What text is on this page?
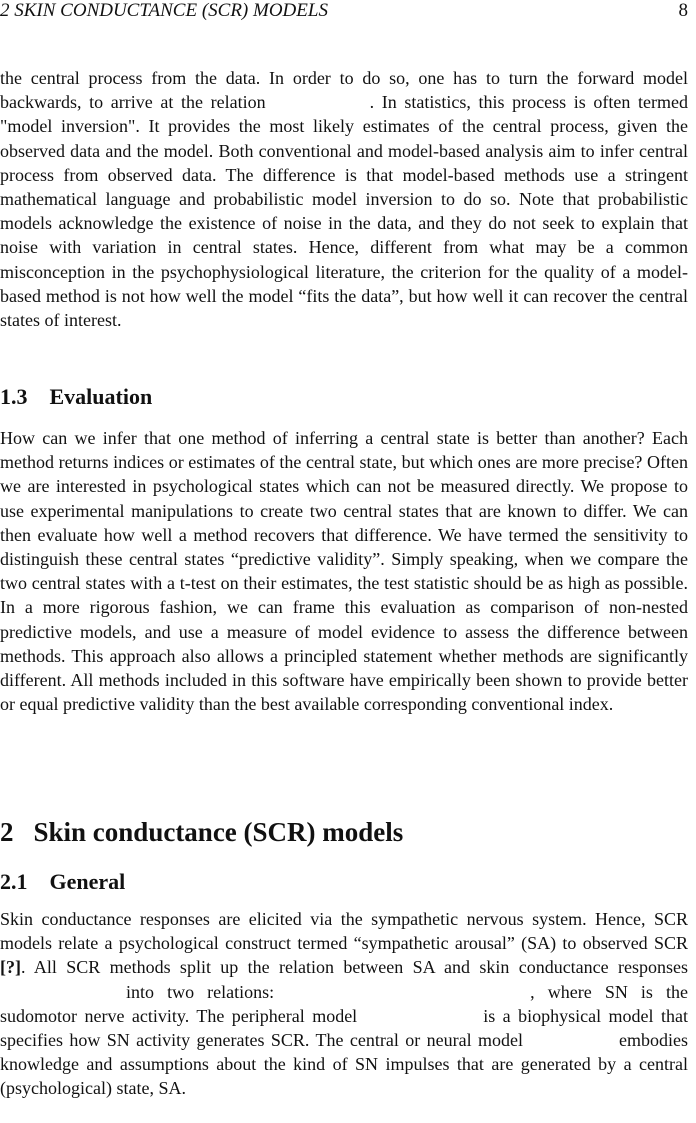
2 SKIN CONDUCTANCE (SCR) MODELS	8

the central process from the data. In order to do so, one has to turn the forward model backwards, to arrive at the relation	. In statistics, this process is often termed "model inversion". It provides the most likely estimates of the central process, given the observed data and the model. Both conventional and model-based analysis aim to infer central process from observed data. The difference is that model-based methods use a stringent mathematical language and probabilistic model inversion to do so. Note that probabilistic models acknowledge the existence of noise in the data, and they do not seek to explain that noise with variation in central states. Hence, different from what may be a common misconception in the psychophysiological literature, the criterion for the quality of a model-based method is not how well the model “fits the data”, but how well it can recover the central states of interest.

1.3 Evaluation

How can we infer that one method of inferring a central state is better than another? Each method returns indices or estimates of the central state, but which ones are more precise? Often we are interested in psychological states which can not be measured directly. We propose to use experimental manipulations to create two central states that are known to differ. We can then evaluate how well a method recovers that difference. We have termed the sensitivity to distinguish these central states “predictive validity”. Simply speaking, when we compare the two central states with a t-test on their estimates, the test statistic should be as high as possible. In a more rigorous fashion, we can frame this evaluation as comparison of non-nested predictive models, and use a measure of model evidence to assess the difference between methods. This approach also allows a principled statement whether methods are significantly different. All methods included in this software have empirically been shown to provide better or equal predictive validity than the best available corresponding conventional index.

2 Skin conductance (SCR) models
2.1 General

Skin conductance responses are elicited via the sympathetic nervous system. Hence, SCR models relate a psychological construct termed “sympathetic arousal” (SA) to observed SCR [?]. All SCR methods split up the relation between SA and skin conductance responsesinto two relations:	, where SN is the sudomotor nerve activity. The peripheral model	is a biophysical model that specifies how SN activity generates SCR. The central or neural model	embodies knowledge and assumptions about the kind of SN impulses that are generated by a central (psychological) state, SA.
